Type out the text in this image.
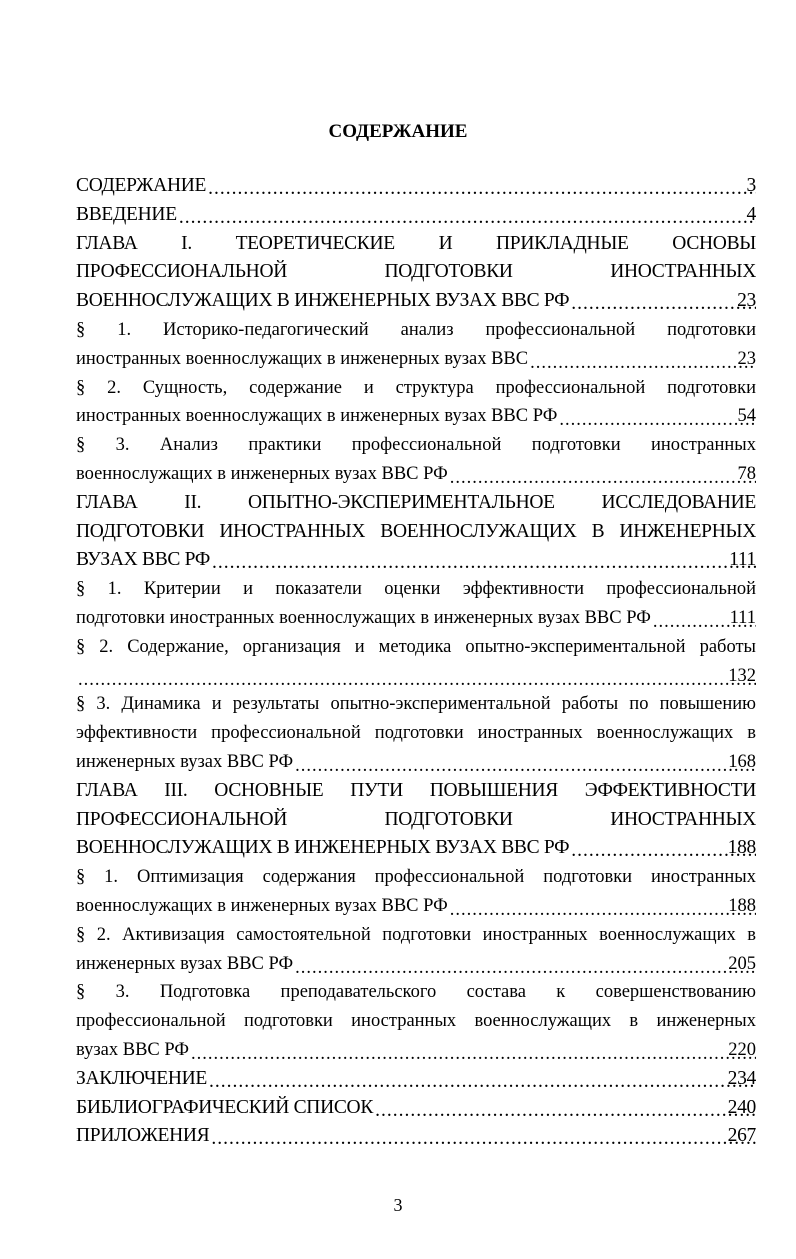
СОДЕРЖАНИЕ
СОДЕРЖАНИЕ .....
ВВЕДЕНИЕ .....
ГЛАВА I. ТЕОРЕТИЧЕСКИЕ И ПРИКЛАДНЫЕ ОСНОВЫ
ПРОФЕССИОНАЛЬНОЙ ПОДГОТОВКИ ИНОСТРАННЫХ
ВОЕННОСЛУЖАЩИХ В ИНЖЕНЕРНЫХ ВУЗАХ ВВС РФ .....
§ 1. Историко-педагогический анализ профессиональной подготовки
иностранных военнослужащих в инженерных вузах ВВС .....
§ 2. Сущность, содержание и структура профессиональной подготовки
иностранных военнослужащих в инженерных вузах ВВС РФ .....
§ 3. Анализ практики профессиональной подготовки иностранных
военнослужащих в инженерных вузах ВВС РФ .....
ГЛАВА II. ОПЫТНО-ЭКСПЕРИМЕНТАЛЬНОЕ ИССЛЕДОВАНИЕ
ПОДГОТОВКИ ИНОСТРАННЫХ ВОЕННОСЛУЖАЩИХ В ИНЖЕНЕРНЫХ
ВУЗАХ ВВС РФ .....
§ 1. Критерии и показатели оценки эффективности профессиональной
подготовки иностранных военнослужащих в инженерных вузах ВВС РФ .....
§ 2. Содержание, организация и методика опытно-экспериментальной работы
.....
§ 3. Динамика и результаты опытно-экспериментальной работы по повышению
эффективности профессиональной подготовки иностранных военнослужащих в
инженерных вузах ВВС РФ .....
ГЛАВА III. ОСНОВНЫЕ ПУТИ ПОВЫШЕНИЯ ЭФФЕКТИВНОСТИ
ПРОФЕССИОНАЛЬНОЙ ПОДГОТОВКИ ИНОСТРАННЫХ
ВОЕННОСЛУЖАЩИХ В ИНЖЕНЕРНЫХ ВУЗАХ ВВС РФ .....
§ 1. Оптимизация содержания профессиональной подготовки иностранных
военнослужащих в инженерных вузах ВВС РФ .....
§ 2. Активизация самостоятельной подготовки иностранных военнослужащих в
инженерных вузах ВВС РФ .....
§ 3. Подготовка преподавательского состава к совершенствованию
профессиональной подготовки иностранных военнослужащих в инженерных
вузах ВВС РФ .....
ЗАКЛЮЧЕНИЕ .....
БИБЛИОГРАФИЧЕСКИЙ СПИСОК .....
ПРИЛОЖЕНИЯ .....
3
